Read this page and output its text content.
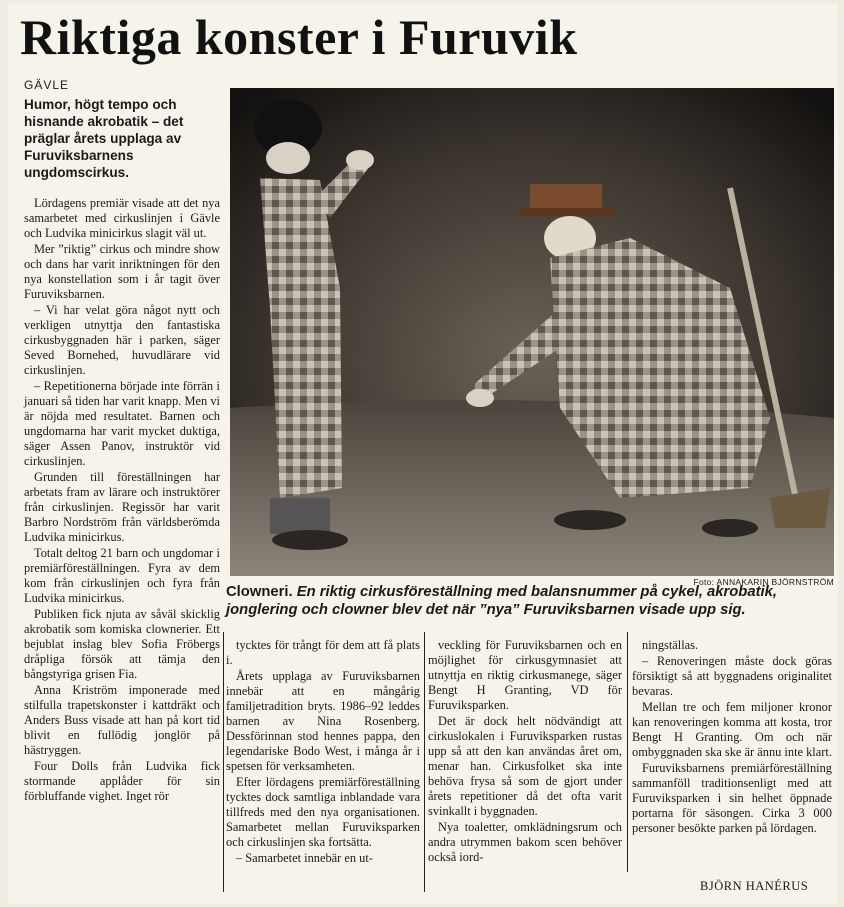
Riktiga konster i Furuvik
GÄVLE
Humor, högt tempo och hisnande akrobatik – det präglar årets upplaga av Furuviksbarnens ungdomscirkus.

Lördagens premiär visade att det nya samarbetet med cirkuslinjen i Gävle och Ludvika minicirkus slagit väl ut.

Mer ”riktig” cirkus och mindre show och dans har varit inriktningen för den nya konstellation som i år tagit över Furuviksbarnen.

– Vi har velat göra något nytt och verkligen utnyttja den fantastiska cirkusbyggnaden här i parken, säger Seved Bornehed, huvudlärare vid cirkuslinjen.

– Repetitionerna började inte förrän i januari så tiden har varit knapp. Men vi är nöjda med resultatet. Barnen och ungdomarna har varit mycket duktiga, säger Assen Panov, instruktör vid cirkuslinjen.

Grunden till föreställningen har arbetats fram av lärare och instruktörer från cirkuslinjen. Regissör har varit Barbro Nordström från världsberömda Ludvika minicirkus.

Totalt deltog 21 barn och ungdomar i premiärföreställningen. Fyra av dem kom från cirkuslinjen och fyra från Ludvika minicirkus.

Publiken fick njuta av såväl skicklig akrobatik som komiska clownerier. Ett bejublat inslag blev Sofia Fröbergs dråpliga försök att tämja den bångstyriga grisen Fia.

Anna Kriström imponerade med stilfulla trapetskonster i kattdräkt och Anders Buss visade att han på kort tid blivit en fullödig jonglör på hästryggen.

Four Dolls från Ludvika fick stormande applåder för sin förbluffande vighet. Inget rör

Foto: ANNAKARIN BJÖRNSTRÖM
Clowneri. En riktig cirkusföreställning med balansnummer på cykel, akrobatik, jonglering och clowner blev det när ”nya” Furuviksbarnen visade upp sig.

tycktes för trångt för dem att få plats i.

Årets upplaga av Furuviksbarnen innebär att en mångårig familjetradition bryts. 1986–92 leddes barnen av Nina Rosenberg. Dessförinnan stod hennes pappa, den legendariske Bodo West, i många år i spetsen för verksamheten.

Efter lördagens premiärföreställning tycktes dock samtliga inblandade vara tillfreds med den nya organisationen. Samarbetet mellan Furuviksparken och cirkuslinjen ska fortsätta.

– Samarbetet innebär en ut-

veckling för Furuviksbarnen och en möjlighet för cirkusgymnasiet att utnyttja en riktig cirkusmanege, säger Bengt H Granting, VD för Furuviksparken.

Det är dock helt nödvändigt att cirkuslokalen i Furuviksparken rustas upp så att den kan användas året om, menar han. Cirkusfolket ska inte behöva frysa så som de gjort under årets repetitioner då det ofta varit svinkallt i byggnaden.

Nya toaletter, omklädningsrum och andra utrymmen bakom scen behöver också iord-

ningställas.

– Renoveringen måste dock göras försiktigt så att byggnadens originalitet bevaras.

Mellan tre och fem miljoner kronor kan renoveringen komma att kosta, tror Bengt H Granting. Om och när ombyggnaden ska ske är ännu inte klart.

Furuviksbarnens premiärföreställning sammanföll traditionsenligt med att Furuviksparken i sin helhet öppnade portarna för säsongen. Cirka 3 000 personer besökte parken på lördagen.

BJÖRN HANÉRUS
